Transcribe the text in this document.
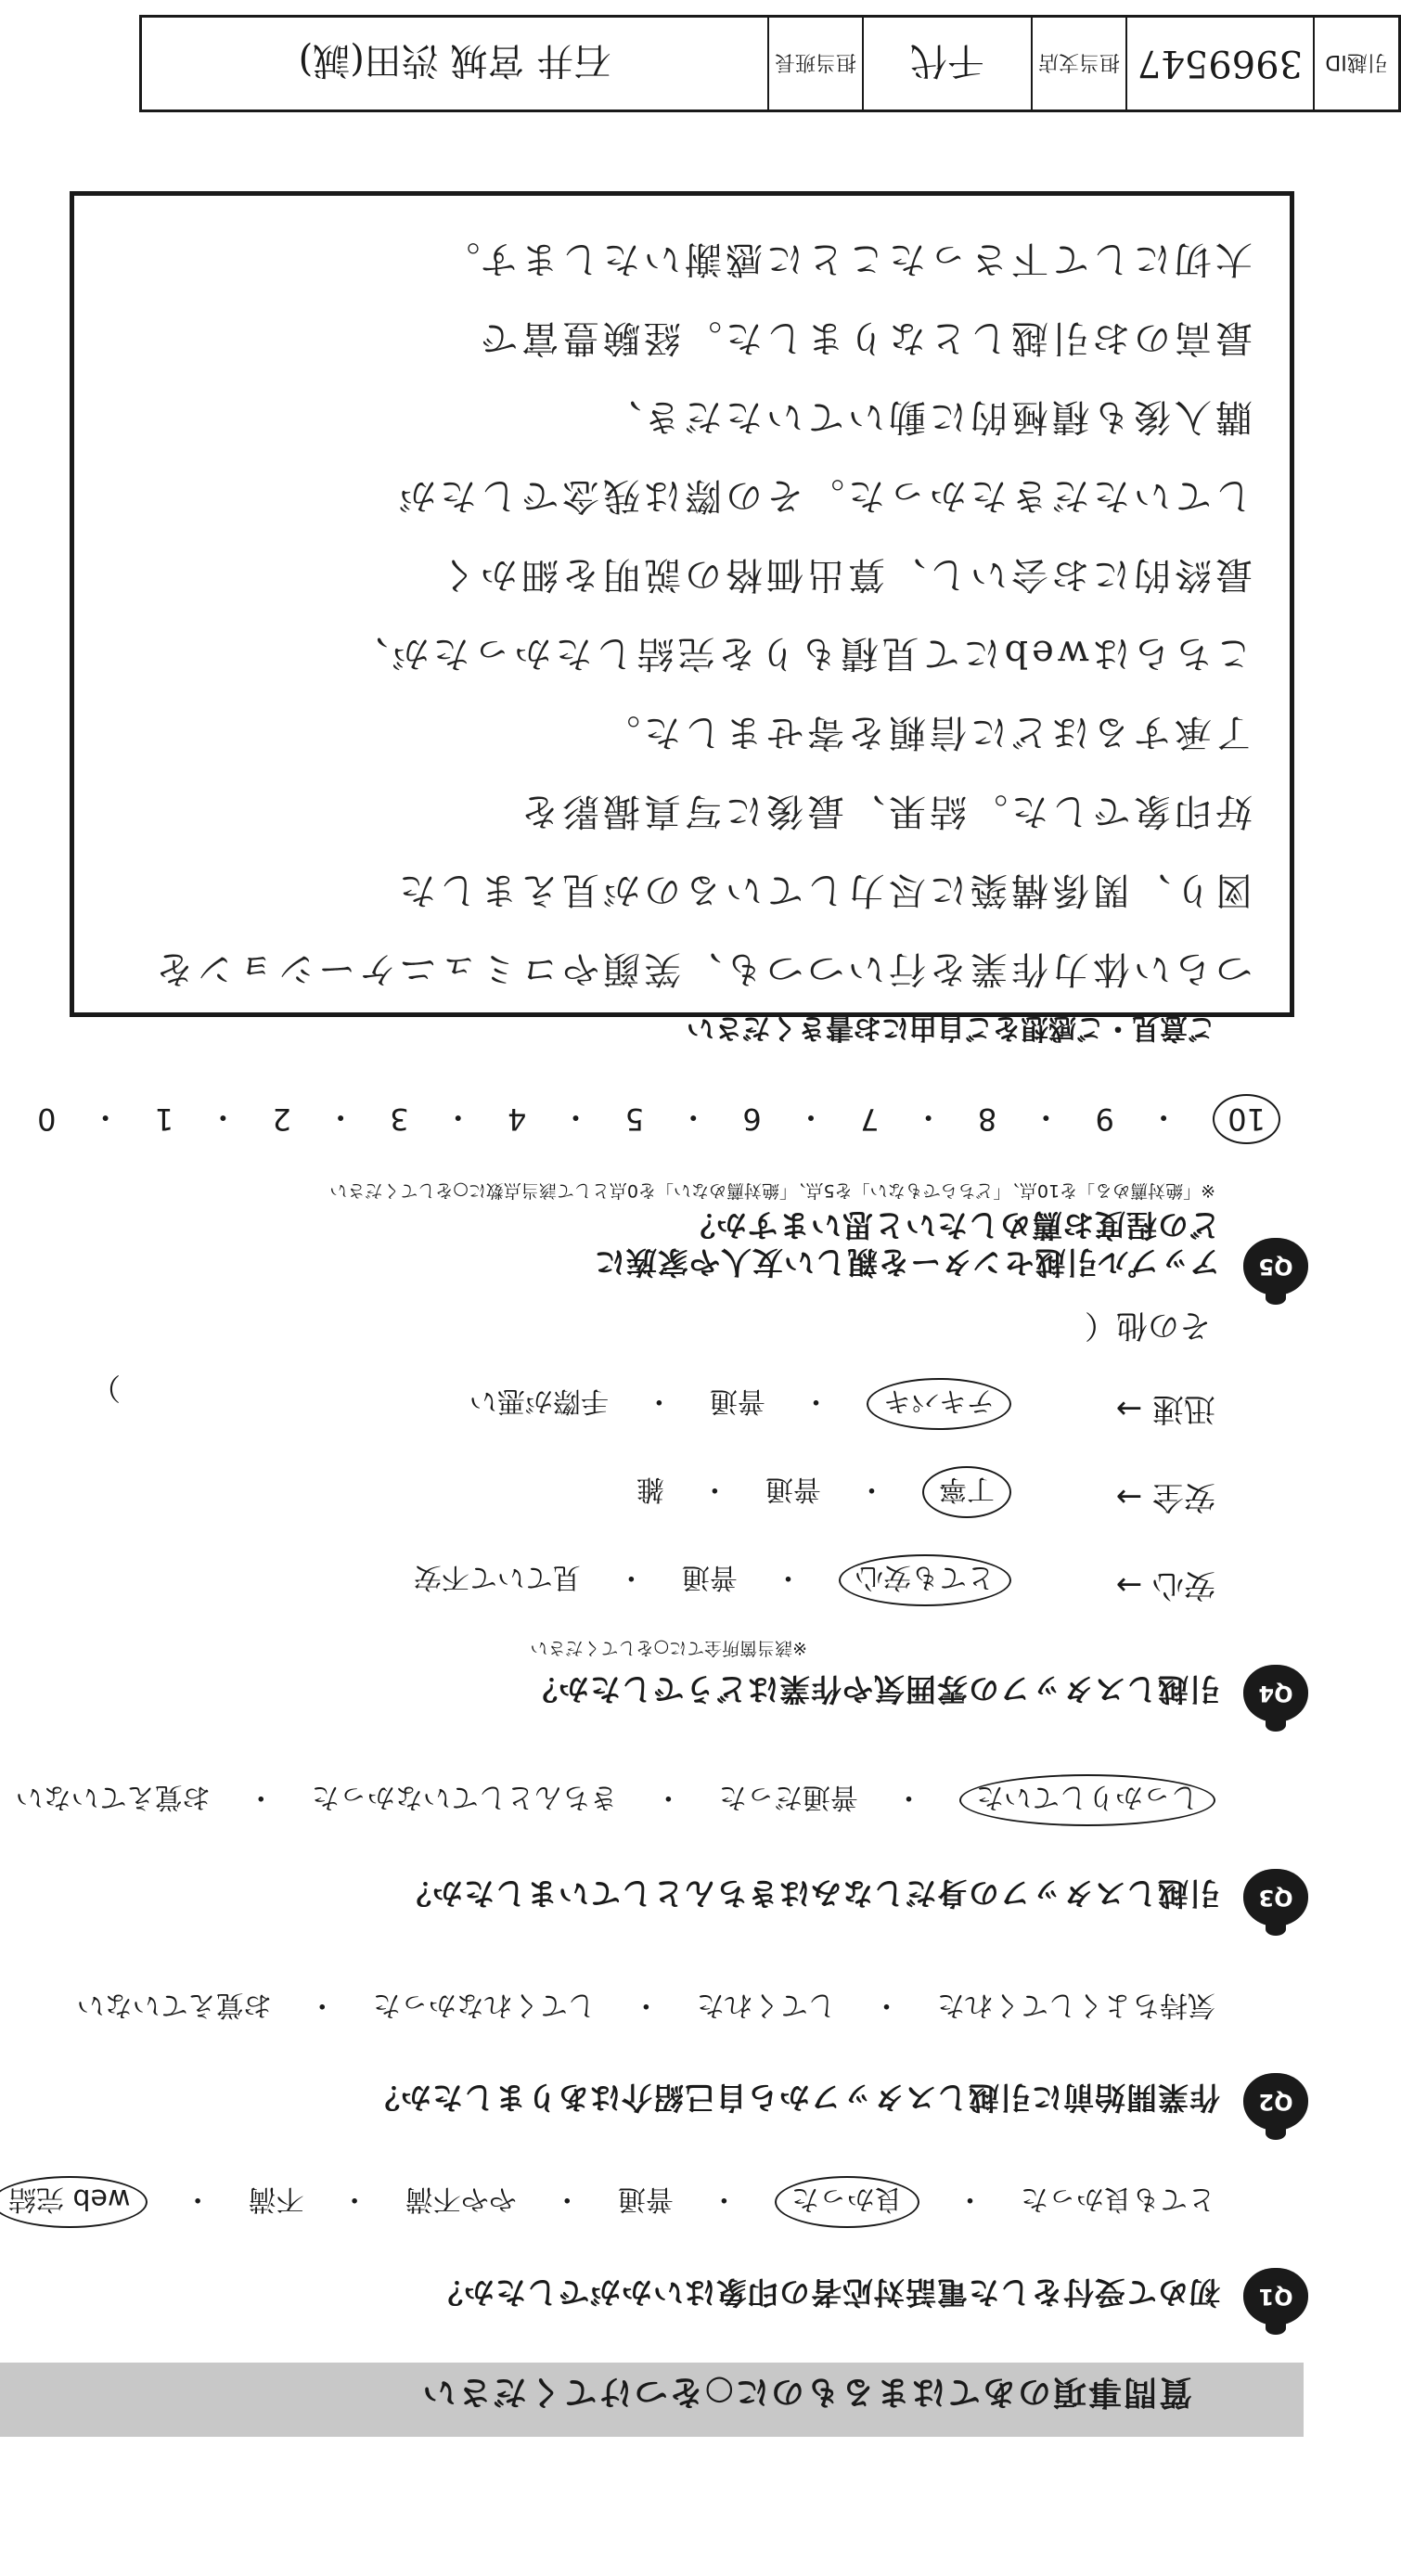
質問事項のあてはまるものに○をつけてください
Q1
初めて受付をした電話対応者の印象はいかがでしたか？
とても良かった ・ 良かった ・ 普通 ・ やや不満 ・ 不満 ・ web 完結
Q2
作業開始前に引越しスタッフから自己紹介はありましたか？
気持ちよくしてくれた ・ してくれた ・ してくれなかった ・ お覚えていない
Q3
引越しスタッフの身だしなみはきちんとしていましたか？
しっかりしていた ・ 普通だった ・ きちんとしていなかった ・ お覚えていない
Q4
引越しスタッフの雰囲気や作業はどうでしたか？
※該当箇所全てに○をしてください
安心 →
とても安心 ・ 普通 ・ 見ていて不安
安全 →
丁寧 ・ 普通 ・ 雑
迅速 →
テキパキ ・ 普通 ・ 手際が悪い
その他（
）
Q5
アップル引越センターを親しい友人や家族に
どの程度お薦めしたいと思いますか？
※「絶対薦める」を10点、「どちらでもない」を5点、「絶対薦めない」を0点として該当点数に○をしてください
10
・
9
・
8
・
7
・
6
・
5
・
4
・
3
・
2
・
1
・
0
ご意見・ご感想をご自由にお書きください
つらい体力作業を行いつつも、笑顔やコミュニケーションを
図り、関係構築に尽力しているのが見えました
好印象でした。結果、最後に写真撮影を
了承するほどに信頼を寄せました。
こちらはwebにて見積もりを完結したかったが、
最終的にお会いし、算出価格の説明を細かく
していただきたかった。その際は残念でしたが
購入後も積極的に動いていただき、
最高のお引越しとなりました。経験豊富で
大切にして下さったことに感謝いたします。
引越ID
3969547
担当支店
千代
担当班長
石井 宮城 渋田(誠)
